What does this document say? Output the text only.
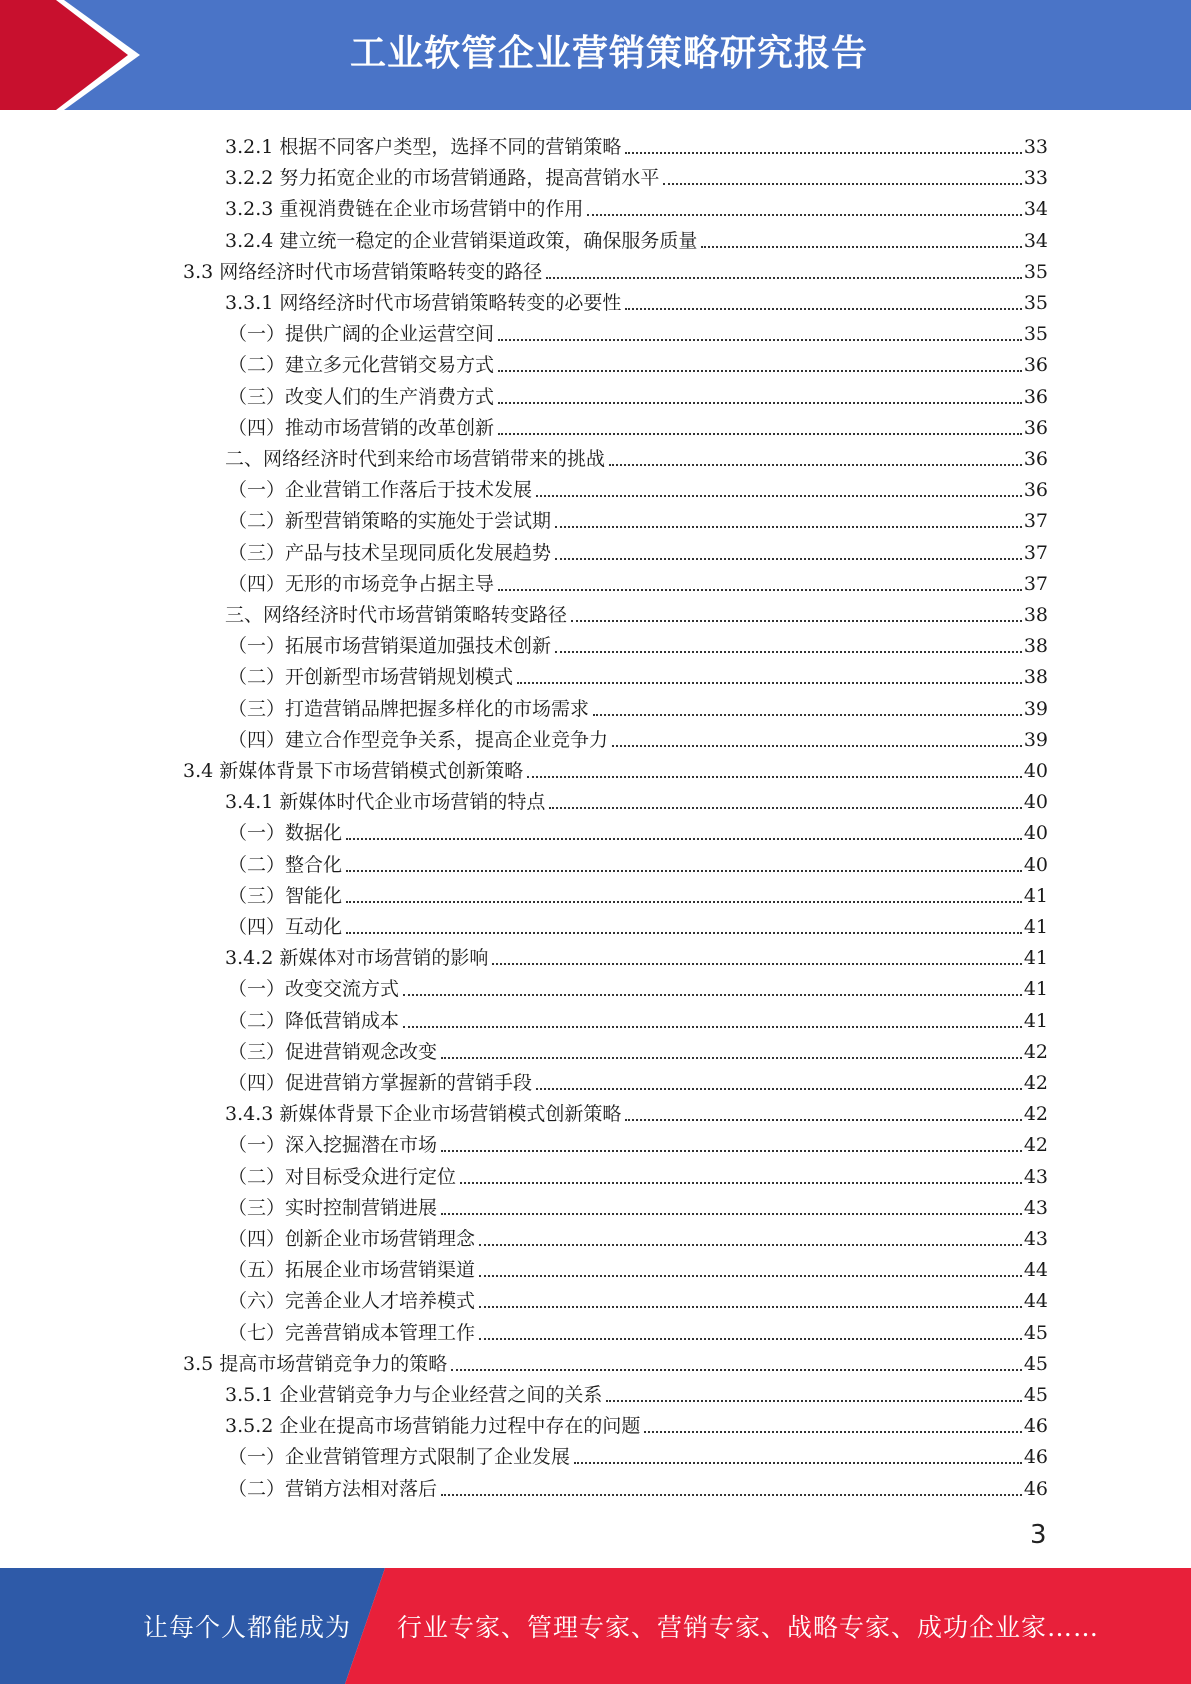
工业软管企业营销策略研究报告
3.2.1 根据不同客户类型，选择不同的营销策略	33
3.2.2 努力拓宽企业的市场营销通路，提高营销水平	33
3.2.3 重视消费链在企业市场营销中的作用	34
3.2.4 建立统一稳定的企业营销渠道政策，确保服务质量	34
3.3 网络经济时代市场营销策略转变的路径	35
3.3.1 网络经济时代市场营销策略转变的必要性	35
（一）提供广阔的企业运营空间	35
（二）建立多元化营销交易方式	36
（三）改变人们的生产消费方式	36
（四）推动市场营销的改革创新	36
二、网络经济时代到来给市场营销带来的挑战	36
（一）企业营销工作落后于技术发展	36
（二）新型营销策略的实施处于尝试期	37
（三）产品与技术呈现同质化发展趋势	37
（四）无形的市场竞争占据主导	37
三、网络经济时代市场营销策略转变路径	38
（一）拓展市场营销渠道加强技术创新	38
（二）开创新型市场营销规划模式	38
（三）打造营销品牌把握多样化的市场需求	39
（四）建立合作型竞争关系，提高企业竞争力	39
3.4 新媒体背景下市场营销模式创新策略	40
3.4.1 新媒体时代企业市场营销的特点	40
（一）数据化	40
（二）整合化	40
（三）智能化	41
（四）互动化	41
3.4.2 新媒体对市场营销的影响	41
（一）改变交流方式	41
（二）降低营销成本	41
（三）促进营销观念改变	42
（四）促进营销方掌握新的营销手段	42
3.4.3 新媒体背景下企业市场营销模式创新策略	42
（一）深入挖掘潜在市场	42
（二）对目标受众进行定位	43
（三）实时控制营销进展	43
（四）创新企业市场营销理念	43
（五）拓展企业市场营销渠道	44
（六）完善企业人才培养模式	44
（七）完善营销成本管理工作	45
3.5 提高市场营销竞争力的策略	45
3.5.1 企业营销竞争力与企业经营之间的关系	45
3.5.2 企业在提高市场营销能力过程中存在的问题	46
（一）企业营销管理方式限制了企业发展	46
（二）营销方法相对落后	46
3
让每个人都能成为 行业专家、管理专家、营销专家、战略专家、成功企业家……
